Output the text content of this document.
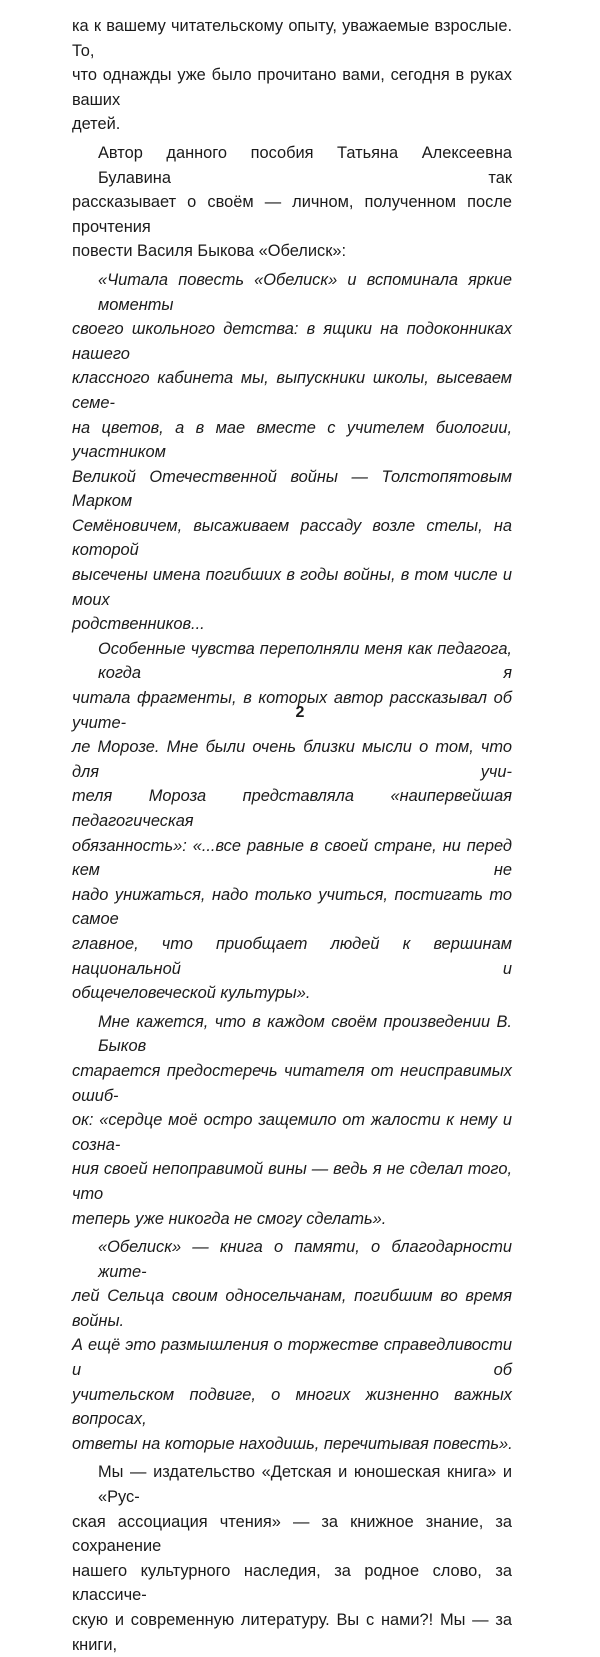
ка к вашему читательскому опыту, уважаемые взрослые. То,
что однажды уже было прочитано вами, сегодня в руках ваших
детей.
Автор данного пособия Татьяна Алексеевна Булавина так
рассказывает о своём — личном, полученном после прочтения
повести Василя Быкова «Обелиск»:
«Читала повесть «Обелиск» и вспоминала яркие моменты
своего школьного детства: в ящики на подоконниках нашего
классного кабинета мы, выпускники школы, высеваем семе-
на цветов, а в мае вместе с учителем биологии, участником
Великой Отечественной войны — Толстопятовым Марком
Семёновичем, высаживаем рассаду возле стелы, на которой
высечены имена погибших в годы войны, в том числе и моих
родственников...
Особенные чувства переполняли меня как педагога, когда я
читала фрагменты, в которых автор рассказывал об учите-
ле Морозе. Мне были очень близки мысли о том, что для учи-
теля Мороза представляла «наипервейшая педагогическая
обязанность»: «...все равные в своей стране, ни перед кем не
надо унижаться, надо только учиться, постигать то самое
главное, что приобщает людей к вершинам национальной и
общечеловеческой культуры».
Мне кажется, что в каждом своём произведении В. Быков
старается предостеречь читателя от неисправимых ошиб-
ок: «сердце моё остро защемило от жалости к нему и созна-
ния своей непоправимой вины — ведь я не сделал того, что
теперь уже никогда не смогу сделать».
«Обелиск» — книга о памяти, о благодарности жите-
лей Сельца своим односельчанам, погибшим во время войны.
А ещё это размышления о торжестве справедливости и об
учительском подвиге, о многих жизненно важных вопросах,
ответы на которые находишь, перечитывая повесть».
Мы — издательство «Детская и юношеская книга» и «Рус-
ская ассоциация чтения» — за книжное знание, за сохранение
нашего культурного наследия, за родное слово, за классиче-
скую и современную литературу. Вы с нами?! Мы — за книги,
2
